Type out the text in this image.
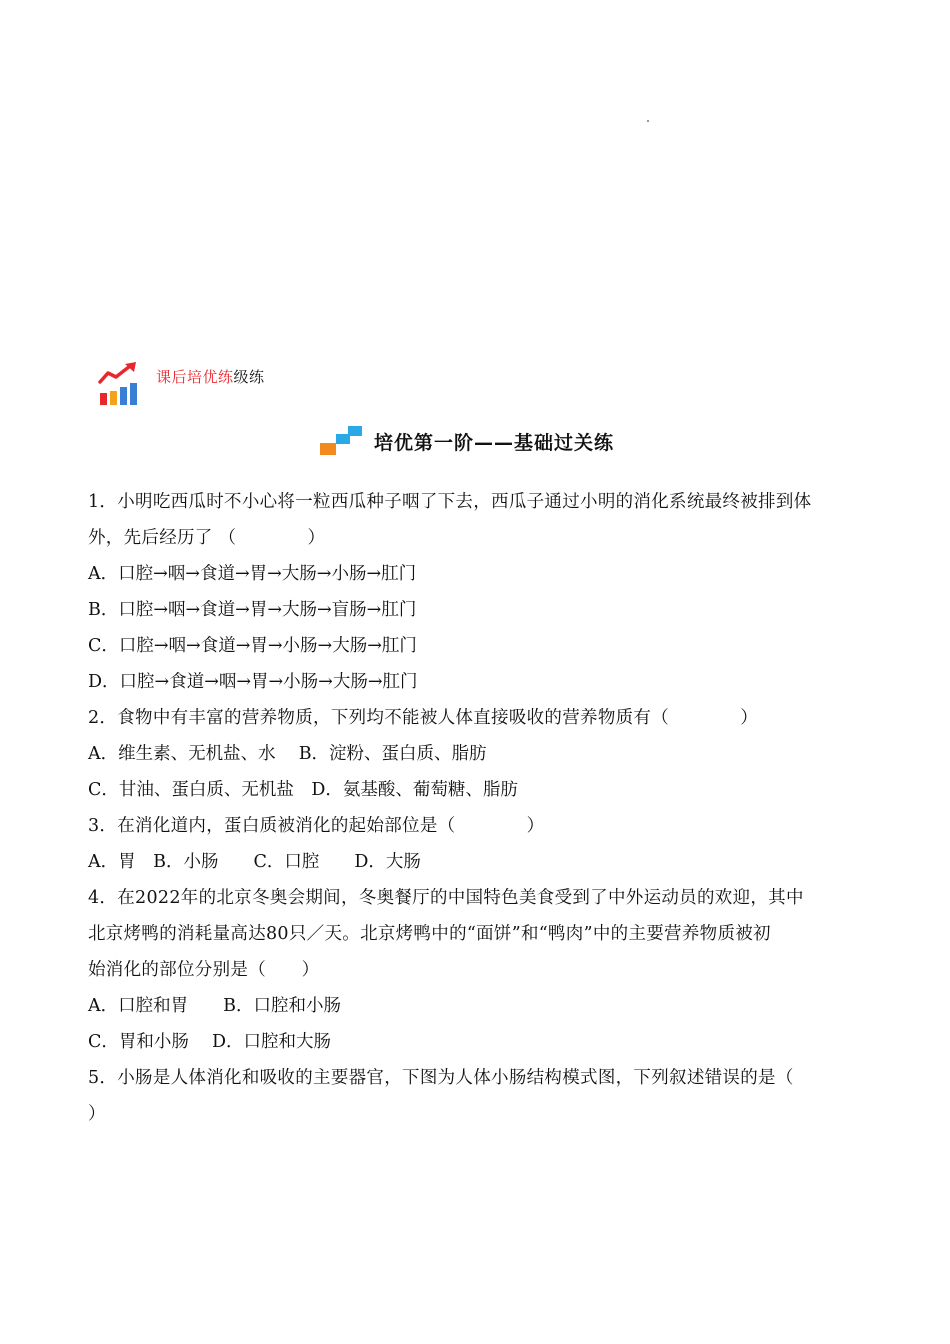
课后培优练级练
培优第一阶——基础过关练
1．小明吃西瓜时不小心将一粒西瓜种子咽了下去，西瓜子通过小明的消化系统最终被排到体
外，先后经历了 （　　　　）
A．口腔→咽→食道→胃→大肠→小肠→肛门
B．口腔→咽→食道→胃→大肠→盲肠→肛门
C．口腔→咽→食道→胃→小肠→大肠→肛门
D．口腔→食道→咽→胃→小肠→大肠→肛门
2．食物中有丰富的营养物质，下列均不能被人体直接吸收的营养物质有（　　　　）
A．维生素、无机盐、水　 B．淀粉、蛋白质、脂肪
C．甘油、蛋白质、无机盐　D．氨基酸、葡萄糖、脂肪
3．在消化道内，蛋白质被消化的起始部位是（　　　　）
A．胃　B．小肠　　C．口腔　　D．大肠
4．在2022年的北京冬奥会期间，冬奥餐厅的中国特色美食受到了中外运动员的欢迎，其中
北京烤鸭的消耗量高达80只／天。北京烤鸭中的“面饼”和“鸭肉”中的主要营养物质被初
始消化的部位分别是（　　）
A．口腔和胃　　B．口腔和小肠
C．胃和小肠　 D．口腔和大肠
5．小肠是人体消化和吸收的主要器官，下图为人体小肠结构模式图，下列叙述错误的是（
）
